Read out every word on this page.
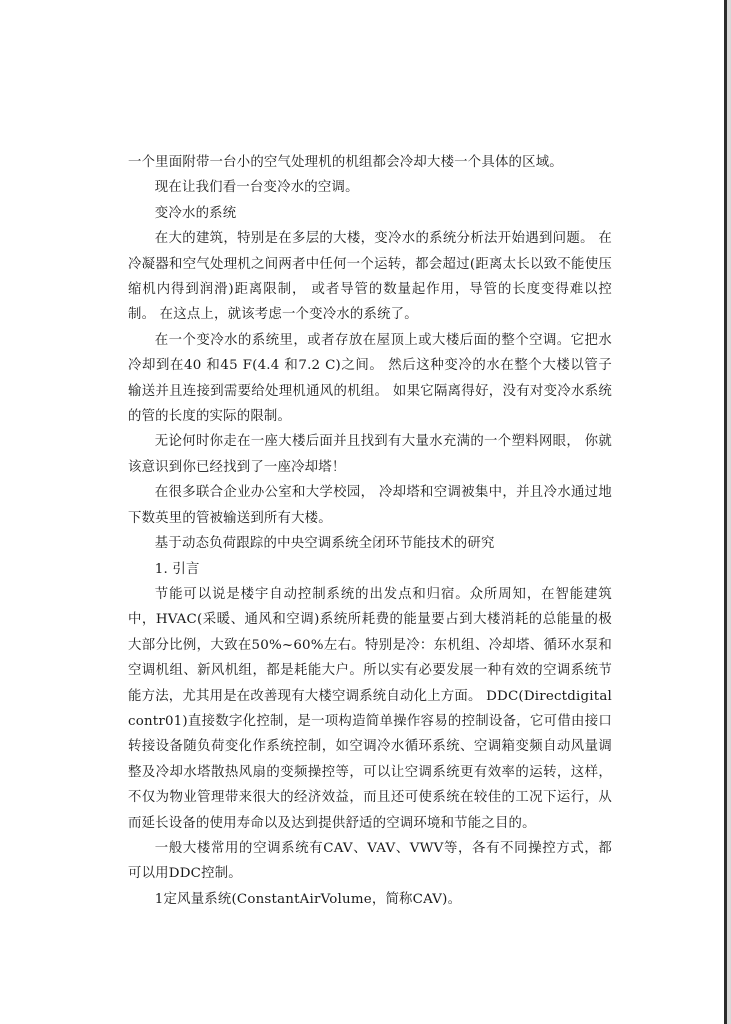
一个里面附带一台小的空气处理机的机组都会冷却大楼一个具体的区域。

现在让我们看一台变冷水的空调。

变冷水的系统

在大的建筑，特别是在多层的大楼，变冷水的系统分析法开始遇到问题。 在冷凝器和空气处理机之间两者中任何一个运转，都会超过(距离太长以致不能使压缩机内得到润滑)距离限制， 或者导管的数量起作用，导管的长度变得难以控制。 在这点上，就该考虑一个变冷水的系统了。

在一个变冷水的系统里，或者存放在屋顶上或大楼后面的整个空调。它把水冷却到在40 和45 F(4.4 和7.2 C)之间。 然后这种变冷的水在整个大楼以管子输送并且连接到需要给处理机通风的机组。 如果它隔离得好，没有对变冷水系统的管的长度的实际的限制。

无论何时你走在一座大楼后面并且找到有大量水充满的一个塑料网眼， 你就该意识到你已经找到了一座冷却塔！

在很多联合企业办公室和大学校园， 冷却塔和空调被集中，并且冷水通过地下数英里的管被输送到所有大楼。

基于动态负荷跟踪的中央空调系统全闭环节能技术的研究

1. 引言

节能可以说是楼宇自动控制系统的出发点和归宿。众所周知，在智能建筑中，HVAC(采暖、通风和空调)系统所耗费的能量要占到大楼消耗的总能量的极大部分比例，大致在50%~60%左右。特别是冷：东机组、冷却塔、循环水泵和空调机组、新风机组，都是耗能大户。所以实有必要发展一种有效的空调系统节能方法，尤其用是在改善现有大楼空调系统自动化上方面。 DDC(Directdigitalcontr01)直接数字化控制，是一项构造简单操作容易的控制设备，它可借由接口转接设备随负荷变化作系统控制，如空调冷水循环系统、空调箱变频自动风量调整及冷却水塔散热风扇的变频操控等，可以让空调系统更有效率的运转，这样，不仅为物业管理带来很大的经济效益，而且还可使系统在较佳的工况下运行，从而延长设备的使用寿命以及达到提供舒适的空调环境和节能之目的。

一般大楼常用的空调系统有CAV、VAV、VWV等，各有不同操控方式，都可以用DDC控制。

1定风量系统(ConstantAirVolume，简称CAV)。
